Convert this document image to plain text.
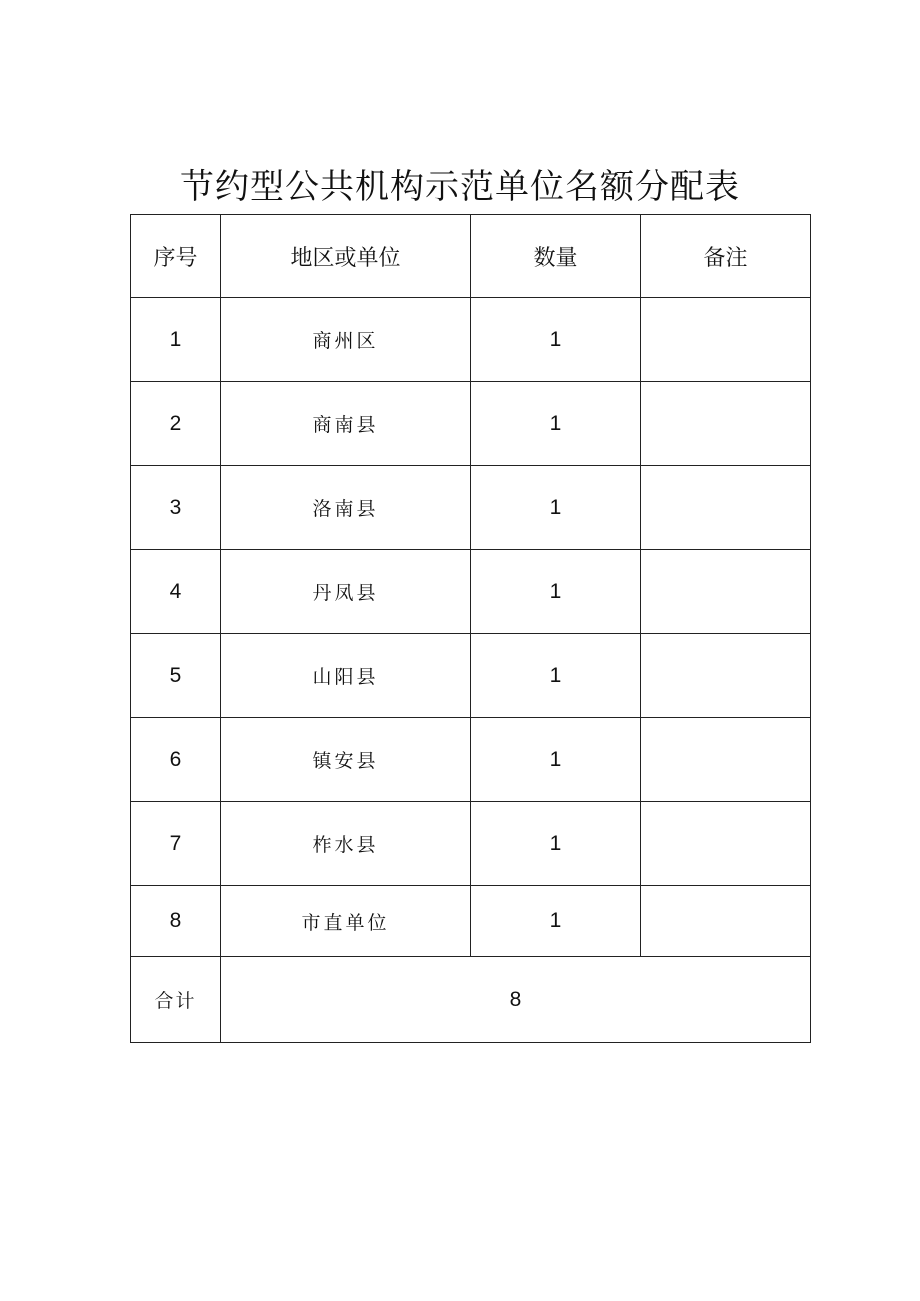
节约型公共机构示范单位名额分配表
序号	地区或单位	数量	备注
1	商州区	1	
2	商南县	1	
3	洛南县	1	
4	丹凤县	1	
5	山阳县	1	
6	镇安县	1	
7	柞水县	1	
8	市直单位	1	
合计	8		
